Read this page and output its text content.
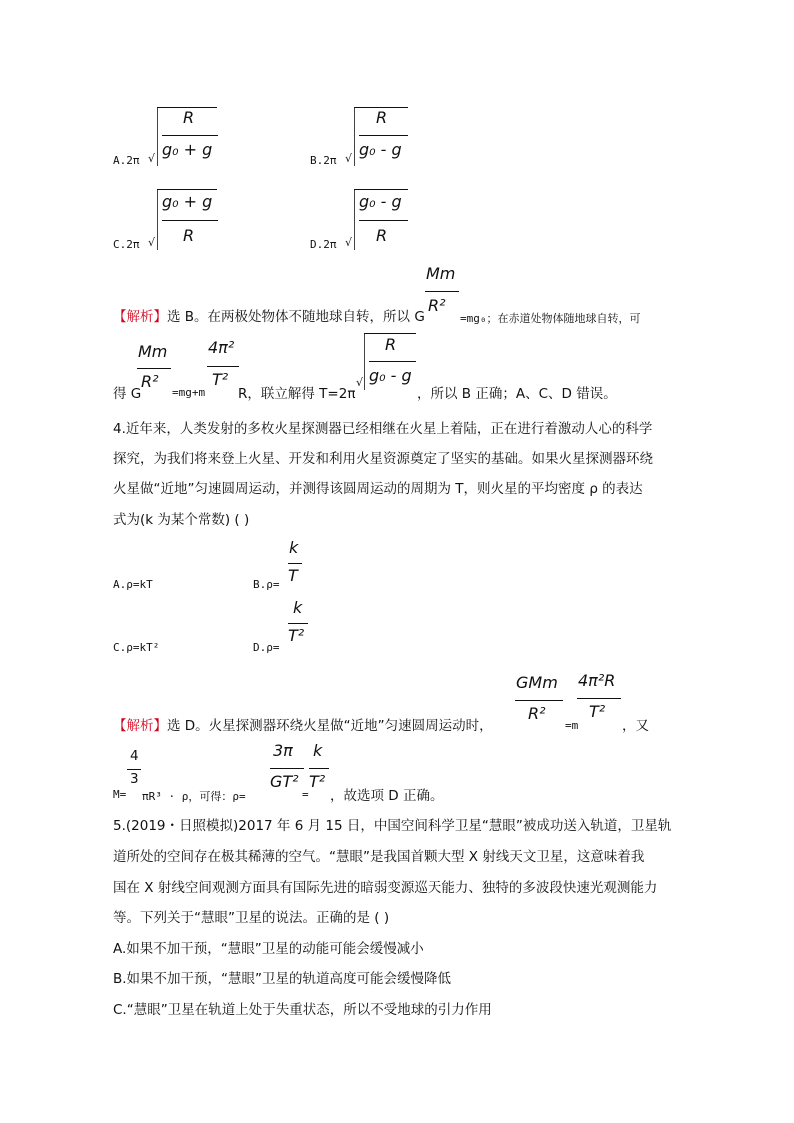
A.2π √
R
g₀ + g
B.2π √
R
g₀ - g
C.2π √
g₀ + g
R	D.2π √
g₀ - g
R
Mm
R²
【解析】 选 B。在两极处物体不随地球自转，所以 G	=mg₀；在赤道处物体随地球自转，可
Mm
R²
4π²
T²	√
R
g₀ - g
得 G	=mg+m R，联立解得 T=2π	，所以 B 正确；A、C、D 错误。
4.近年来，人类发射的多枚火星探测器已经相继在火星上着陆，正在进行着激动人心的科学
探究，为我们将来登上火星、开发和利用火星资源奠定了坚实的基础。如果火星探测器环绕
火星做“近地”匀速圆周运动，并测得该圆周运动的周期为 T，则火星的平均密度 ρ 的表达
式为(k 为某个常数) ( )
A.ρ=kT	B.ρ=
k
T
C.ρ=kT²	D.ρ=
k
T²
GMm
R²
=m
4π²R
T²
【解析】 选 D。火星探测器环绕火星做“近地”匀速圆周运动时，	，又
4
3
3π
GT²
k
T²
M= πR³ · ρ，可得：ρ=	= ，故选项 D 正确。
5.(2019・日照模拟)2017 年 6 月 15 日，中国空间科学卫星“慧眼”被成功送入轨道，卫星轨
道所处的空间存在极其稀薄的空气。“慧眼”是我国首颗大型 X 射线天文卫星，这意味着我
国在 X 射线空间观测方面具有国际先进的暗弱变源巡天能力、独特的多波段快速光观测能力
等。下列关于“慧眼”卫星的说法。正确的是 ( )
A.如果不加干预，“慧眼”卫星的动能可能会缓慢减小
B.如果不加干预，“慧眼”卫星的轨道高度可能会缓慢降低
C.“慧眼”卫星在轨道上处于失重状态，所以不受地球的引力作用
